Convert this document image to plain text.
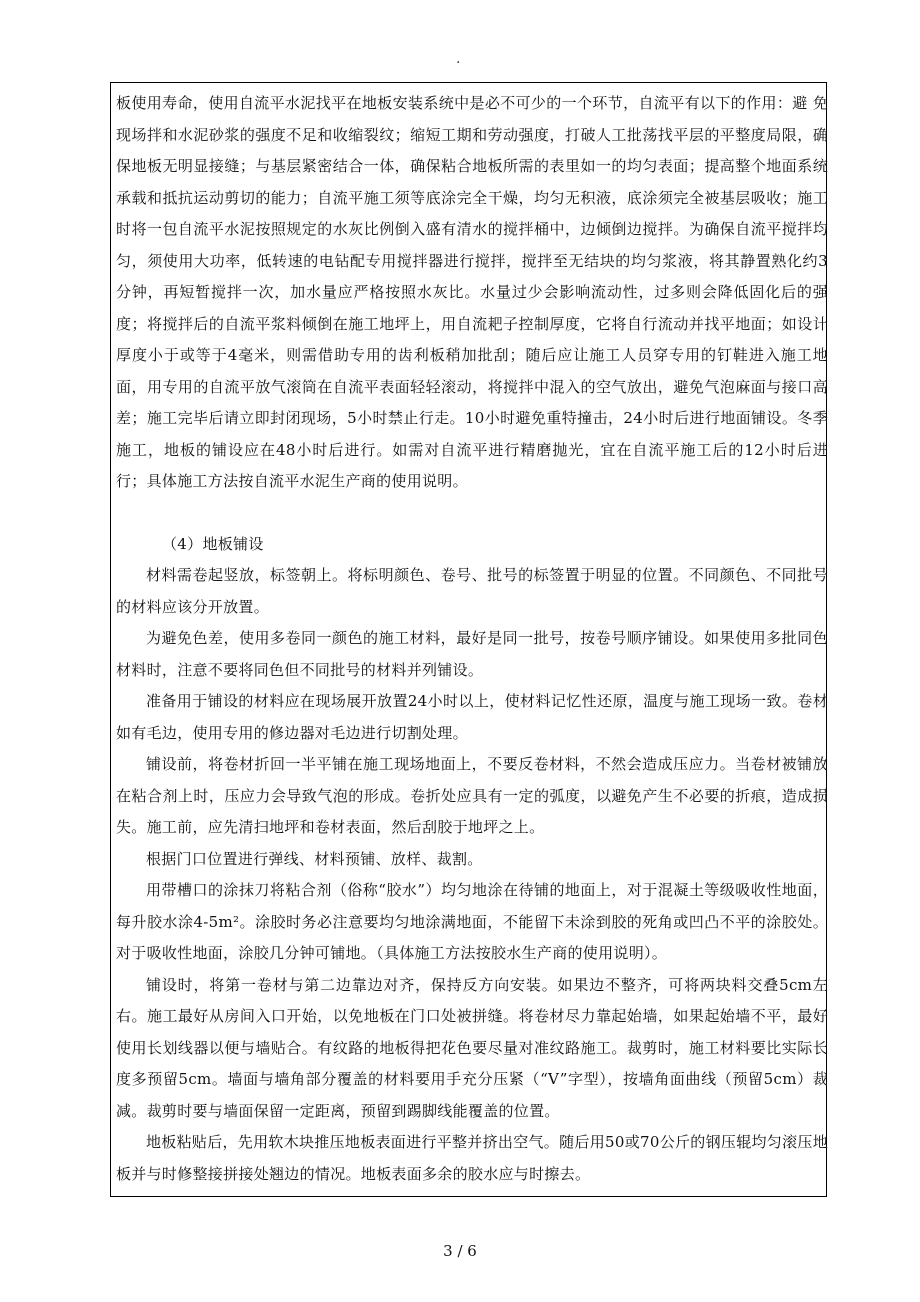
.

板使用寿命，使用自流平水泥找平在地板安装系统中是必不可少的一个环节，自流平有以下的作用：避 免现场拌和水泥砂浆的强度不足和收缩裂纹；缩短工期和劳动强度，打破人工批荡找平层的平整度局限，确保地板无明显接缝；与基层紧密结合一体，确保粘合地板所需的表里如一的均匀表面；提高整个地面系统承载和抵抗运动剪切的能力；自流平施工须等底涂完全干燥，均匀无积液，底涂须完全被基层吸收；施工时将一包自流平水泥按照规定的水灰比例倒入盛有清水的搅拌桶中，边倾倒边搅拌。为确保自流平搅拌均匀，须使用大功率，低转速的电钻配专用搅拌器进行搅拌，搅拌至无结块的均匀浆液，将其静置熟化约3分钟，再短暂搅拌一次，加水量应严格按照水灰比。水量过少会影响流动性，过多则会降低固化后的强度；将搅拌后的自流平浆料倾倒在施工地坪上，用自流耙子控制厚度，它将自行流动并找平地面；如设计厚度小于或等于4毫米，则需借助专用的齿利板稍加批刮；随后应让施工人员穿专用的钉鞋进入施工地面，用专用的自流平放气滚筒在自流平表面轻轻滚动，将搅拌中混入的空气放出，避免气泡麻面与接口高差；施工完毕后请立即封闭现场，5小时禁止行走。10小时避免重特撞击，24小时后进行地面铺设。冬季施工，地板的铺设应在48小时后进行。如需对自流平进行精磨抛光，宜在自流平施工后的12小时后进行；具体施工方法按自流平水泥生产商的使用说明。

（4）地板铺设

材料需卷起竖放，标签朝上。将标明颜色、卷号、批号的标签置于明显的位置。不同颜色、不同批号的材料应该分开放置。

为避免色差，使用多卷同一颜色的施工材料，最好是同一批号，按卷号顺序铺设。如果使用多批同色材料时，注意不要将同色但不同批号的材料并列铺设。

准备用于铺设的材料应在现场展开放置24小时以上，使材料记忆性还原，温度与施工现场一致。卷材如有毛边，使用专用的修边器对毛边进行切割处理。

铺设前，将卷材折回一半平铺在施工现场地面上，不要反卷材料，不然会造成压应力。当卷材被铺放在粘合剂上时，压应力会导致气泡的形成。卷折处应具有一定的弧度，以避免产生不必要的折痕，造成损失。施工前，应先清扫地坪和卷材表面，然后刮胶于地坪之上。

根据门口位置进行弹线、材料预铺、放样、裁割。

用带槽口的涂抹刀将粘合剂（俗称“胶水”）均匀地涂在待铺的地面上，对于混凝土等级吸收性地面，每升胶水涂4-5m²。涂胶时务必注意要均匀地涂满地面，不能留下未涂到胶的死角或凹凸不平的涂胶处。对于吸收性地面，涂胶几分钟可铺地。（具体施工方法按胶水生产商的使用说明）。

铺设时，将第一卷材与第二边靠边对齐，保持反方向安装。如果边不整齐，可将两块料交叠5cm左右。施工最好从房间入口开始，以免地板在门口处被拼缝。将卷材尽力靠起始墙，如果起始墙不平，最好使用长划线器以便与墙贴合。有纹路的地板得把花色要尽量对准纹路施工。裁剪时，施工材料要比实际长度多预留5cm。墙面与墙角部分覆盖的材料要用手充分压紧（“V”字型），按墙角面曲线（预留5cm）裁减。裁剪时要与墙面保留一定距离，预留到踢脚线能覆盖的位置。

地板粘贴后，先用软木块推压地板表面进行平整并挤出空气。随后用50或70公斤的钢压辊均匀滚压地板并与时修整接拼接处翘边的情况。地板表面多余的胶水应与时擦去。

3 / 6
